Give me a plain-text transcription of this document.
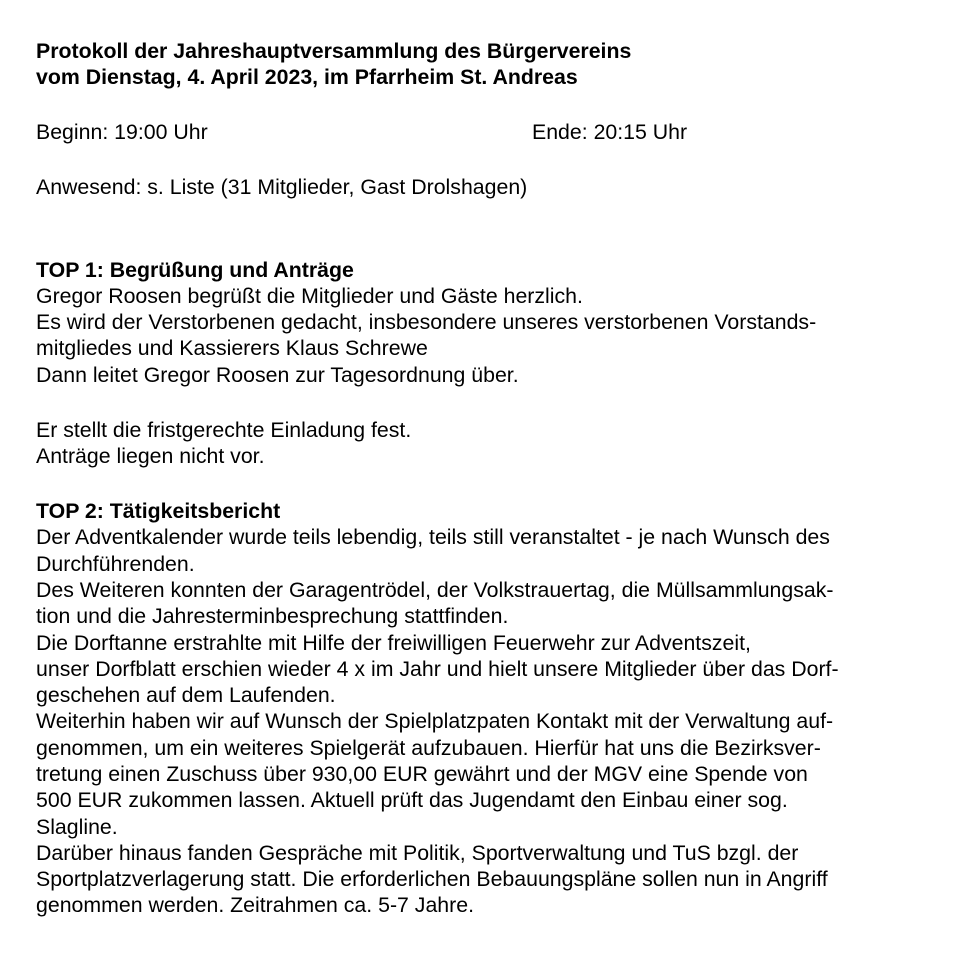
Protokoll der Jahreshauptversammlung des Bürgervereins
vom Dienstag, 4. April 2023, im Pfarrheim St. Andreas
Beginn: 19:00 Uhr	Ende: 20:15 Uhr
Anwesend: s. Liste (31 Mitglieder, Gast Drolshagen)
TOP 1: Begrüßung und Anträge
Gregor Roosen begrüßt die Mitglieder und Gäste herzlich.
Es wird der Verstorbenen gedacht, insbesondere unseres verstorbenen Vorstands-
mitgliedes und Kassierers Klaus Schrewe
Dann leitet Gregor Roosen zur Tagesordnung über.
Er stellt die fristgerechte Einladung fest.
Anträge liegen nicht vor.
TOP 2: Tätigkeitsbericht
Der Adventkalender wurde teils lebendig, teils still veranstaltet - je nach Wunsch des
Durchführenden.
Des Weiteren konnten der Garagentrödel, der Volkstrauertag, die Müllsammlungsak-
tion und die Jahresterminbesprechung stattfinden.
Die Dorftanne erstrahlte mit Hilfe der freiwilligen Feuerwehr zur Adventszeit,
unser Dorfblatt erschien wieder 4 x im Jahr und hielt unsere Mitglieder über das Dorf-
geschehen auf dem Laufenden.
Weiterhin haben wir auf Wunsch der Spielplatzpaten Kontakt mit der Verwaltung auf-
genommen, um ein weiteres Spielgerät aufzubauen. Hierfür hat uns die Bezirksver-
tretung einen Zuschuss über 930,00 EUR gewährt und der MGV eine Spende von
500 EUR zukommen lassen. Aktuell prüft das Jugendamt den Einbau einer sog.
Slagline.
Darüber hinaus fanden Gespräche mit Politik, Sportverwaltung und TuS bzgl. der
Sportplatzverlagerung statt. Die erforderlichen Bebauungspläne sollen nun in Angriff
genommen werden. Zeitrahmen ca. 5-7 Jahre.
